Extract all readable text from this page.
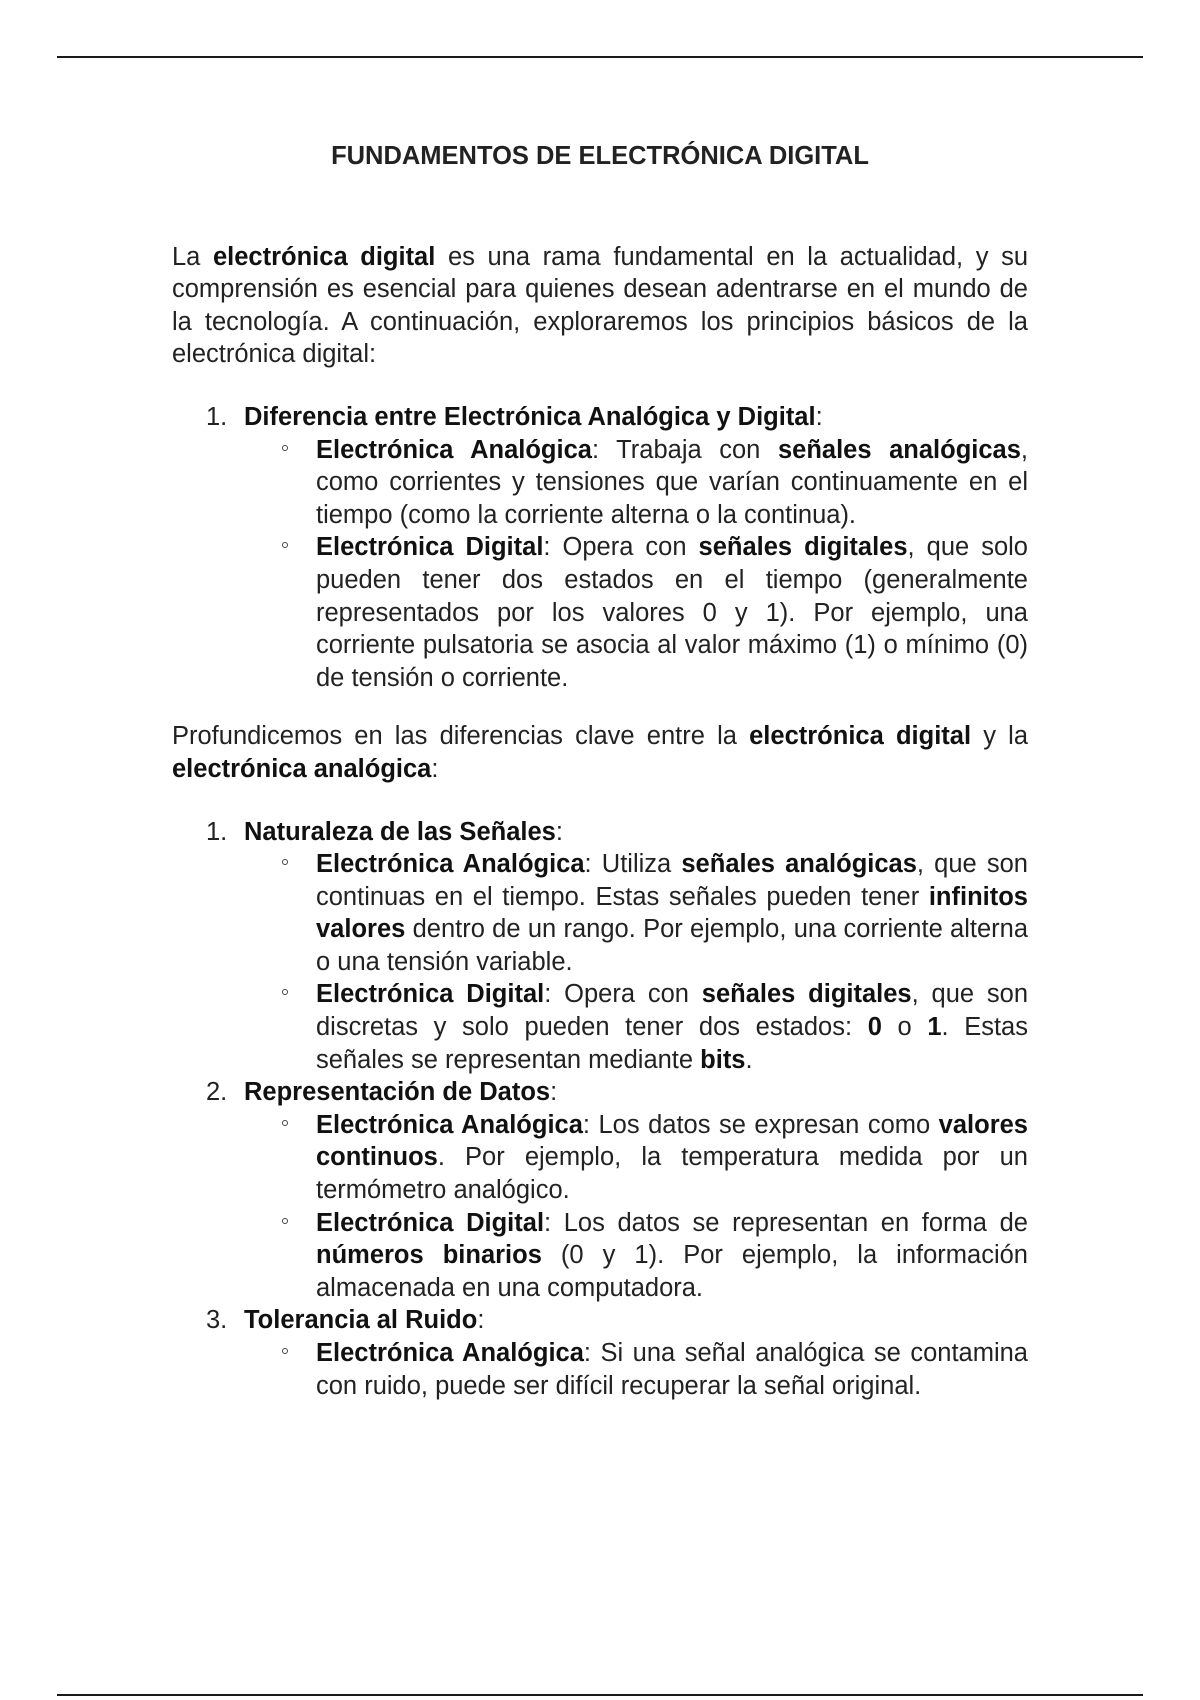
FUNDAMENTOS DE ELECTRÓNICA DIGITAL

La electrónica digital es una rama fundamental en la actualidad, y su comprensión es esencial para quienes desean adentrarse en el mundo de la tecnología. A continuación, exploraremos los principios básicos de la electrónica digital:

1. Diferencia entre Electrónica Analógica y Digital:
Electrónica Analógica: Trabaja con señales analógicas, como corrientes y tensiones que varían continuamente en el tiempo (como la corriente alterna o la continua).
Electrónica Digital: Opera con señales digitales, que solo pueden tener dos estados en el tiempo (generalmente representados por los valores 0 y 1). Por ejemplo, una corriente pulsatoria se asocia al valor máximo (1) o mínimo (0) de tensión o corriente.

Profundicemos en las diferencias clave entre la electrónica digital y la electrónica analógica:

1. Naturaleza de las Señales:
Electrónica Analógica: Utiliza señales analógicas, que son continuas en el tiempo. Estas señales pueden tener infinitos valores dentro de un rango. Por ejemplo, una corriente alterna o una tensión variable.
Electrónica Digital: Opera con señales digitales, que son discretas y solo pueden tener dos estados: 0 o 1. Estas señales se representan mediante bits.
2. Representación de Datos:
Electrónica Analógica: Los datos se expresan como valores continuos. Por ejemplo, la temperatura medida por un termómetro analógico.
Electrónica Digital: Los datos se representan en forma de números binarios (0 y 1). Por ejemplo, la información almacenada en una computadora.
3. Tolerancia al Ruido:
Electrónica Analógica: Si una señal analógica se contamina con ruido, puede ser difícil recuperar la señal original.
